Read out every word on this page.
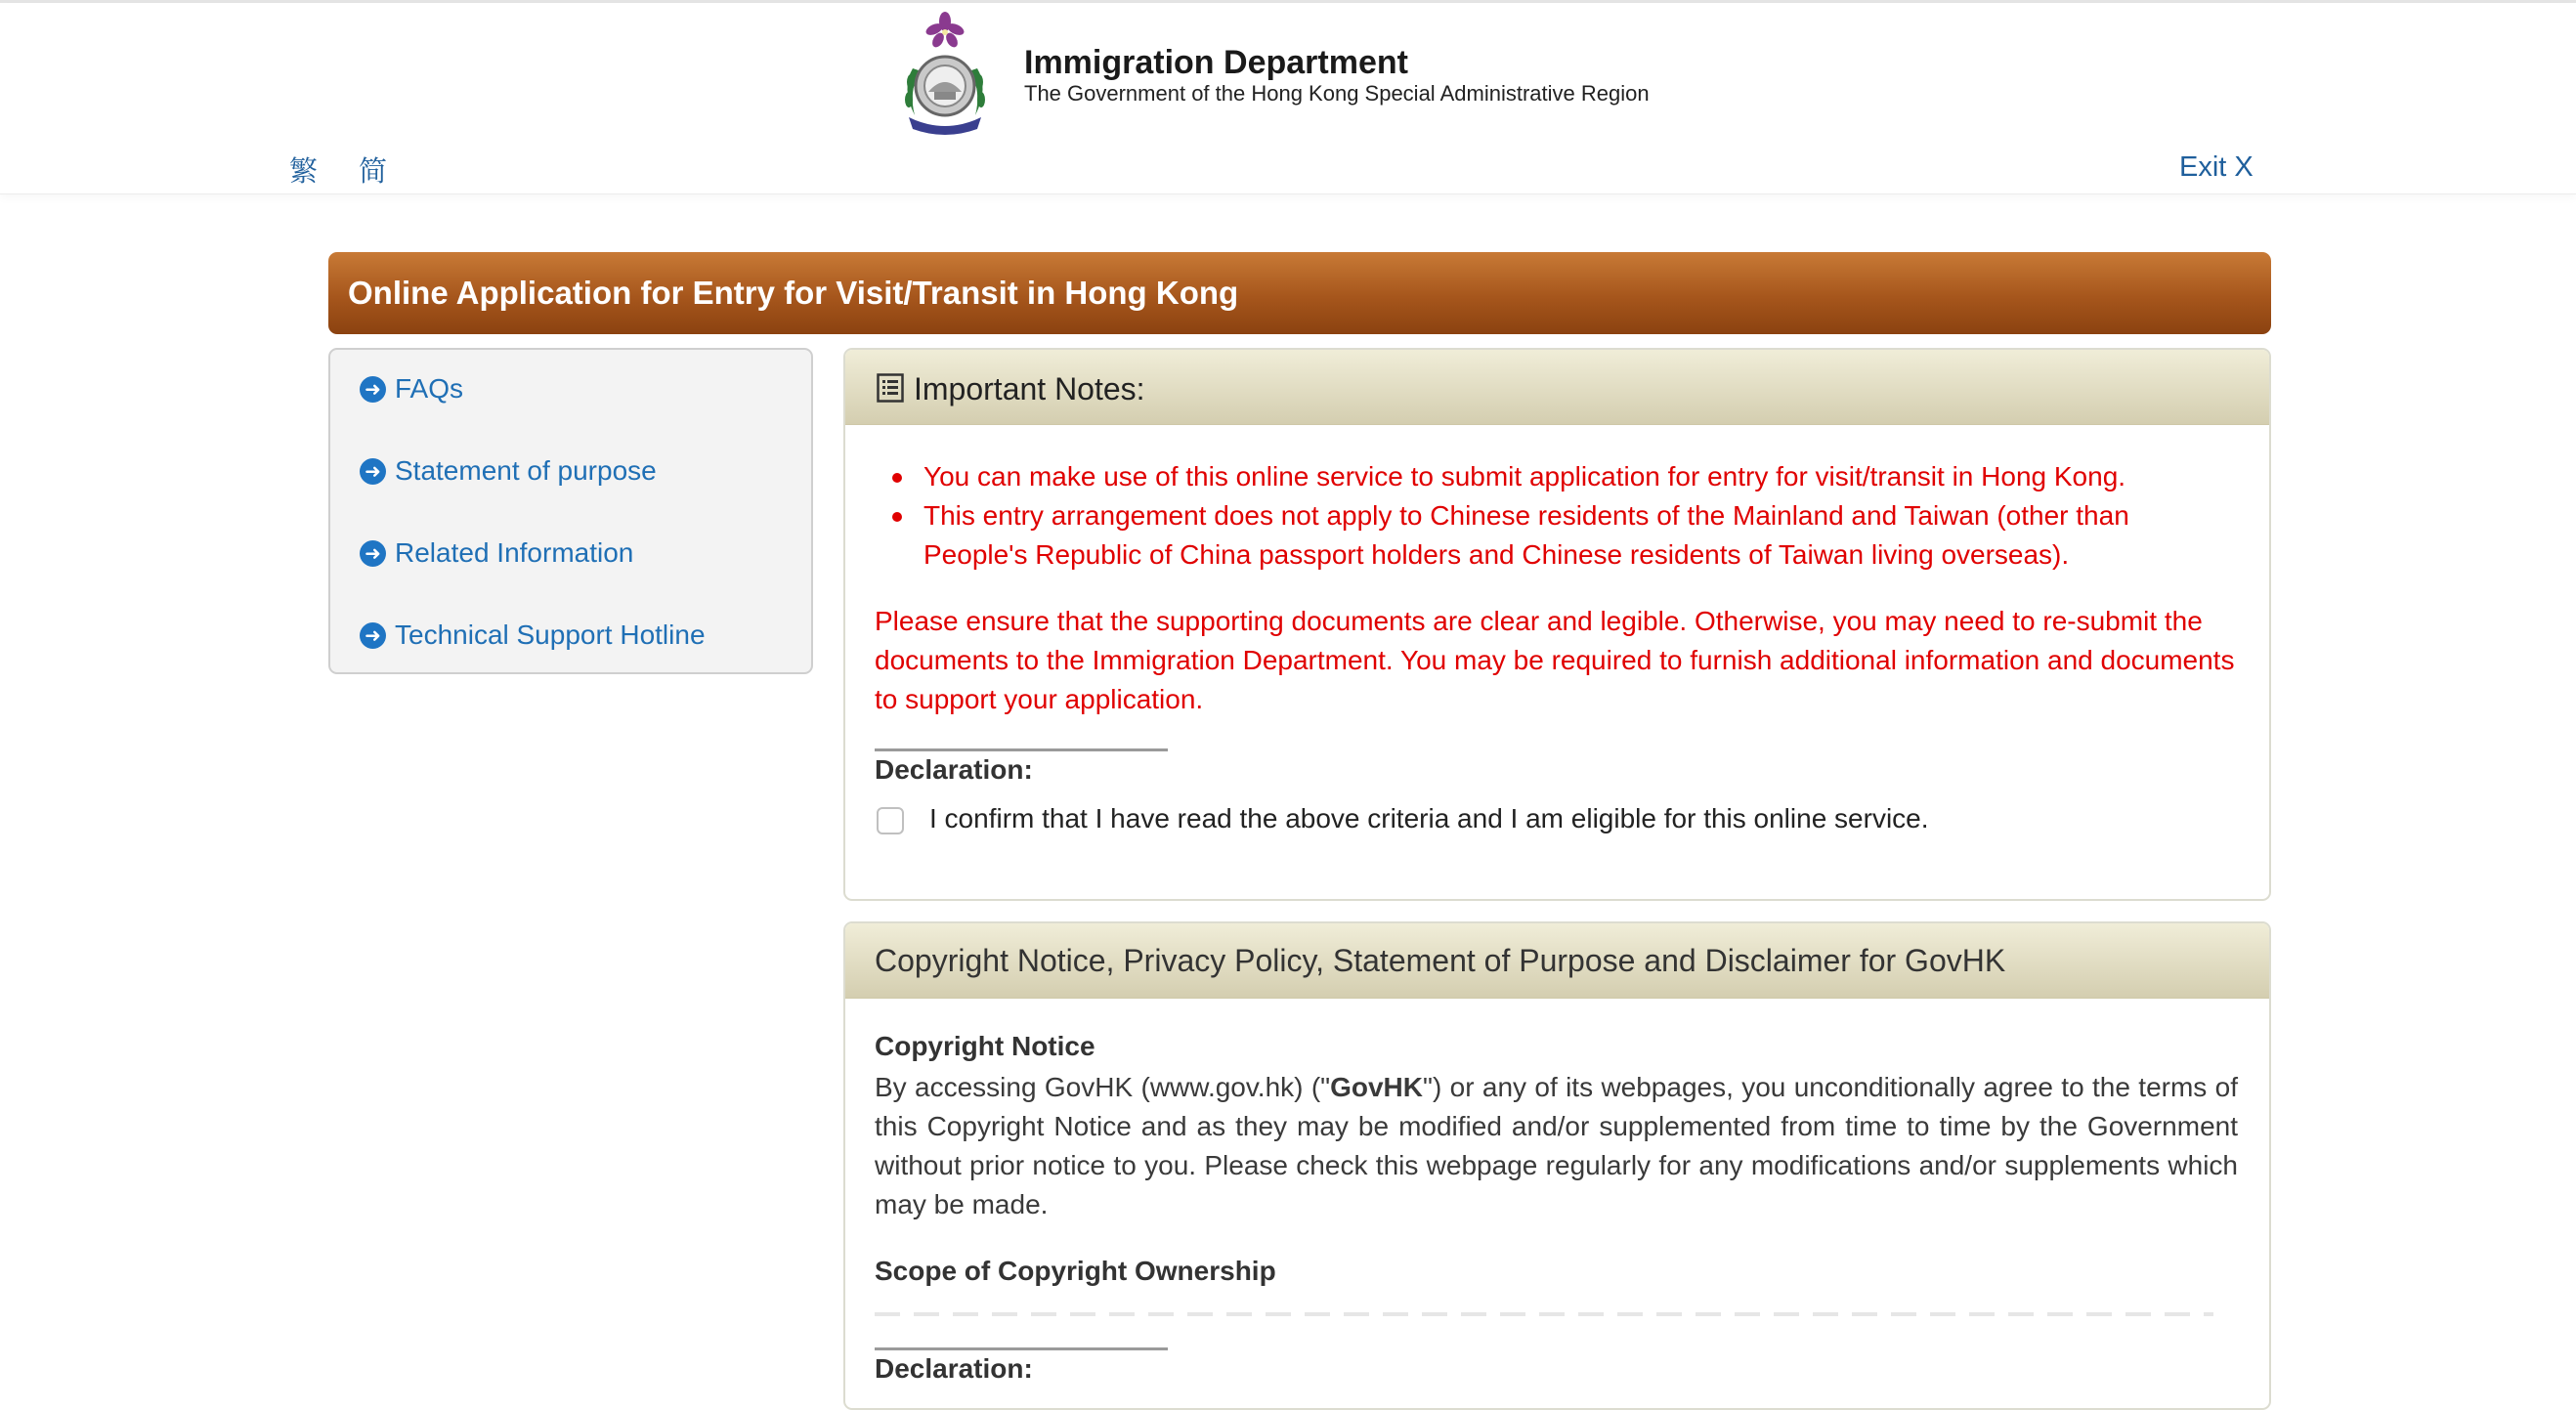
Immigration Department
The Government of the Hong Kong Special Administrative Region
繁 简	Exit X
Online Application for Entry for Visit/Transit in Hong Kong
➜ FAQs
➜ Statement of purpose
➜ Related Information
➜ Technical Support Hotline
Important Notes:
You can make use of this online service to submit application for entry for visit/transit in Hong Kong.
This entry arrangement does not apply to Chinese residents of the Mainland and Taiwan (other than People's Republic of China passport holders and Chinese residents of Taiwan living overseas).
Please ensure that the supporting documents are clear and legible. Otherwise, you may need to re-submit the documents to the Immigration Department. You may be required to furnish additional information and documents to support your application.
Declaration:
I confirm that I have read the above criteria and I am eligible for this online service.
Copyright Notice, Privacy Policy, Statement of Purpose and Disclaimer for GovHK
Copyright Notice
By accessing GovHK (www.gov.hk) ("GovHK") or any of its webpages, you unconditionally agree to the terms of this Copyright Notice and as they may be modified and/or supplemented from time to time by the Government without prior notice to you. Please check this webpage regularly for any modifications and/or supplements which may be made.
Scope of Copyright Ownership
Declaration:
